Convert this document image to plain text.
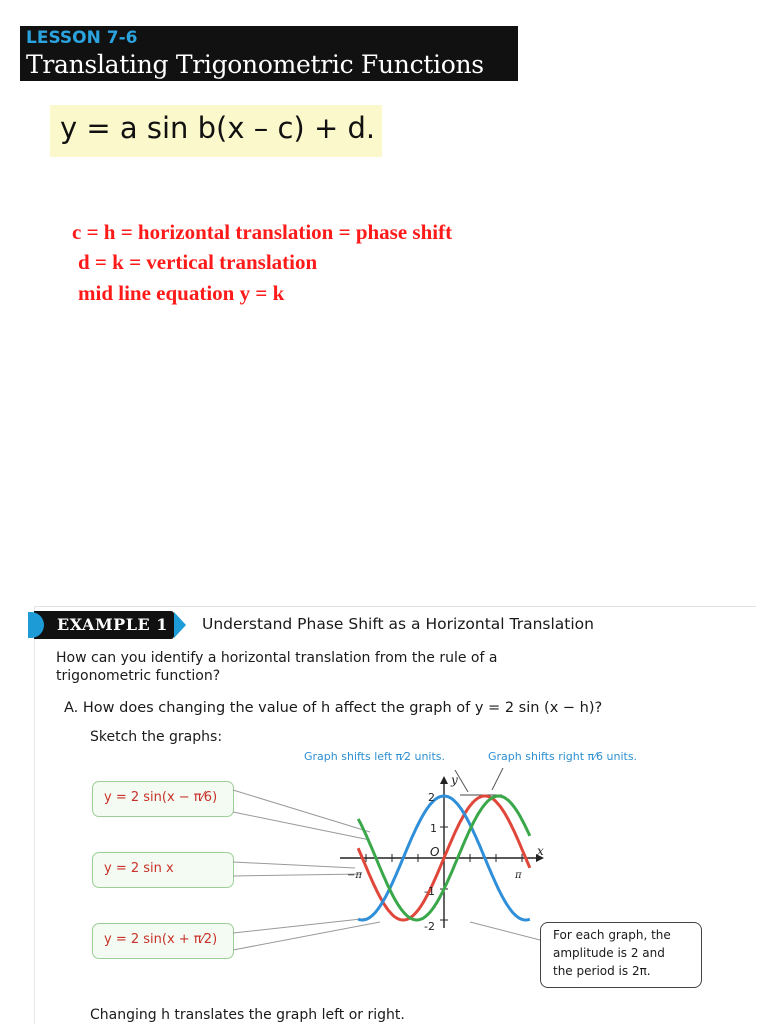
LESSON 7-6
Translating Trigonometric Functions
y = a sin b(x – c) + d.
c = h = horizontal translation = phase shift
d = k = vertical translation
mid line equation y = k
EXAMPLE 1 Understand Phase Shift as a Horizontal Translation
How can you identify a horizontal translation from the rule of a
trigonometric function?
A. How does changing the value of h affect the graph of y = 2 sin (x − h)?
Sketch the graphs:
y = 2 sin(x − π⁄6)
y = 2 sin x
y = 2 sin(x + π⁄2)
y
x
O
2
1
-1
-2
π
−π
Graph shifts left π⁄2 units.	Graph shifts right π⁄6 units.
For each graph, the
amplitude is 2 and
the period is 2π.
Changing h translates the graph left or right.
